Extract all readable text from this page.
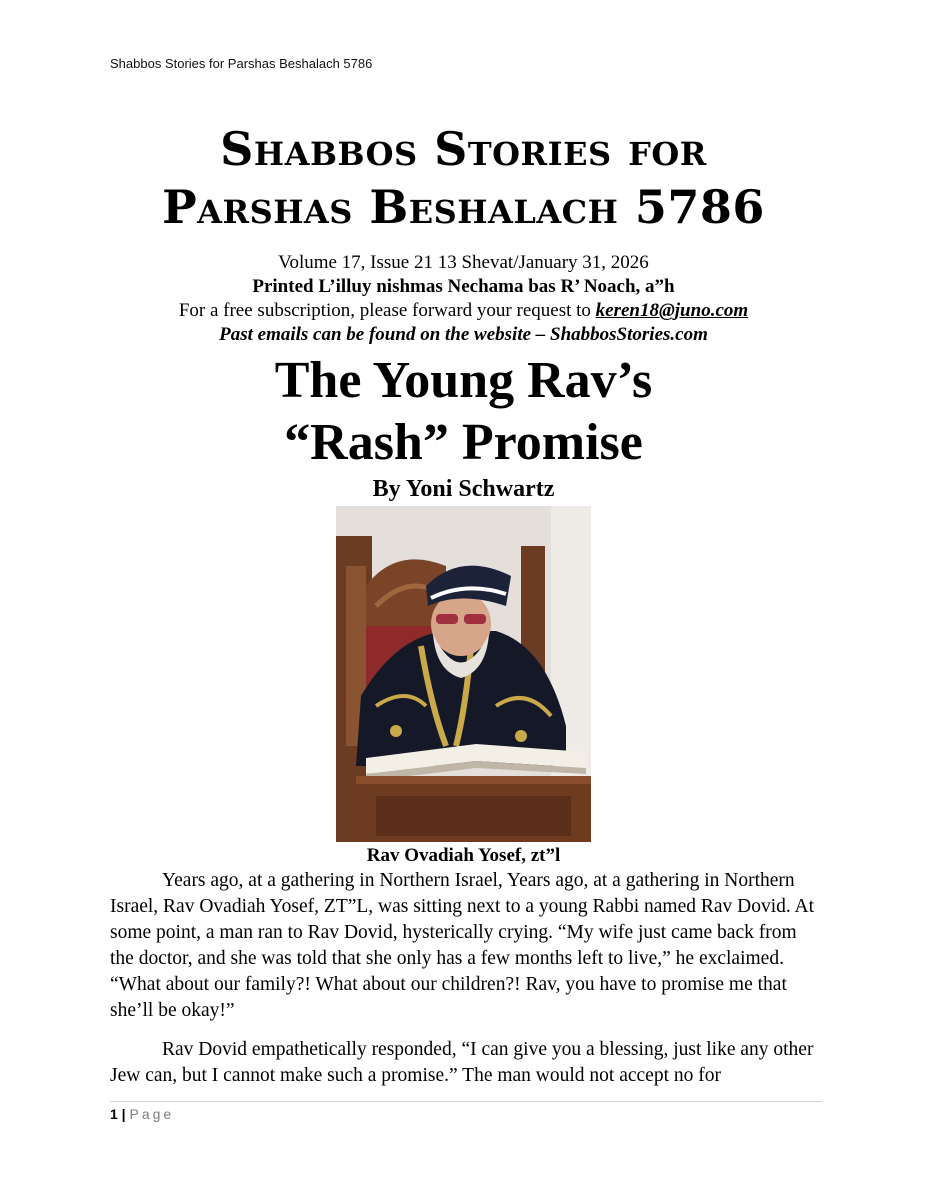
Shabbos Stories for Parshas Beshalach 5786
Shabbos Stories for
Parshas Beshalach 5786
Volume 17, Issue 21 13 Shevat/January 31, 2026
Printed L’illuy nishmas Nechama bas R’ Noach, a”h
For a free subscription, please forward your request to keren18@juno.com
Past emails can be found on the website – ShabbosStories.com
The Young Rav’s
“Rash” Promise
By Yoni Schwartz
Rav Ovadiah Yosef, zt”l

Years ago, at a gathering in Northern Israel, Years ago, at a gathering in Northern Israel, Rav Ovadiah Yosef, ZT”L, was sitting next to a young Rabbi named Rav Dovid. At some point, a man ran to Rav Dovid, hysterically crying. “My wife just came back from the doctor, and she was told that she only has a few months left to live,” he exclaimed. “What about our family?! What about our children?! Rav, you have to promise me that she’ll be okay!”

Rav Dovid empathetically responded, “I can give you a blessing, just like any other Jew can, but I cannot make such a promise.” The man would not accept no for

1 | Page
